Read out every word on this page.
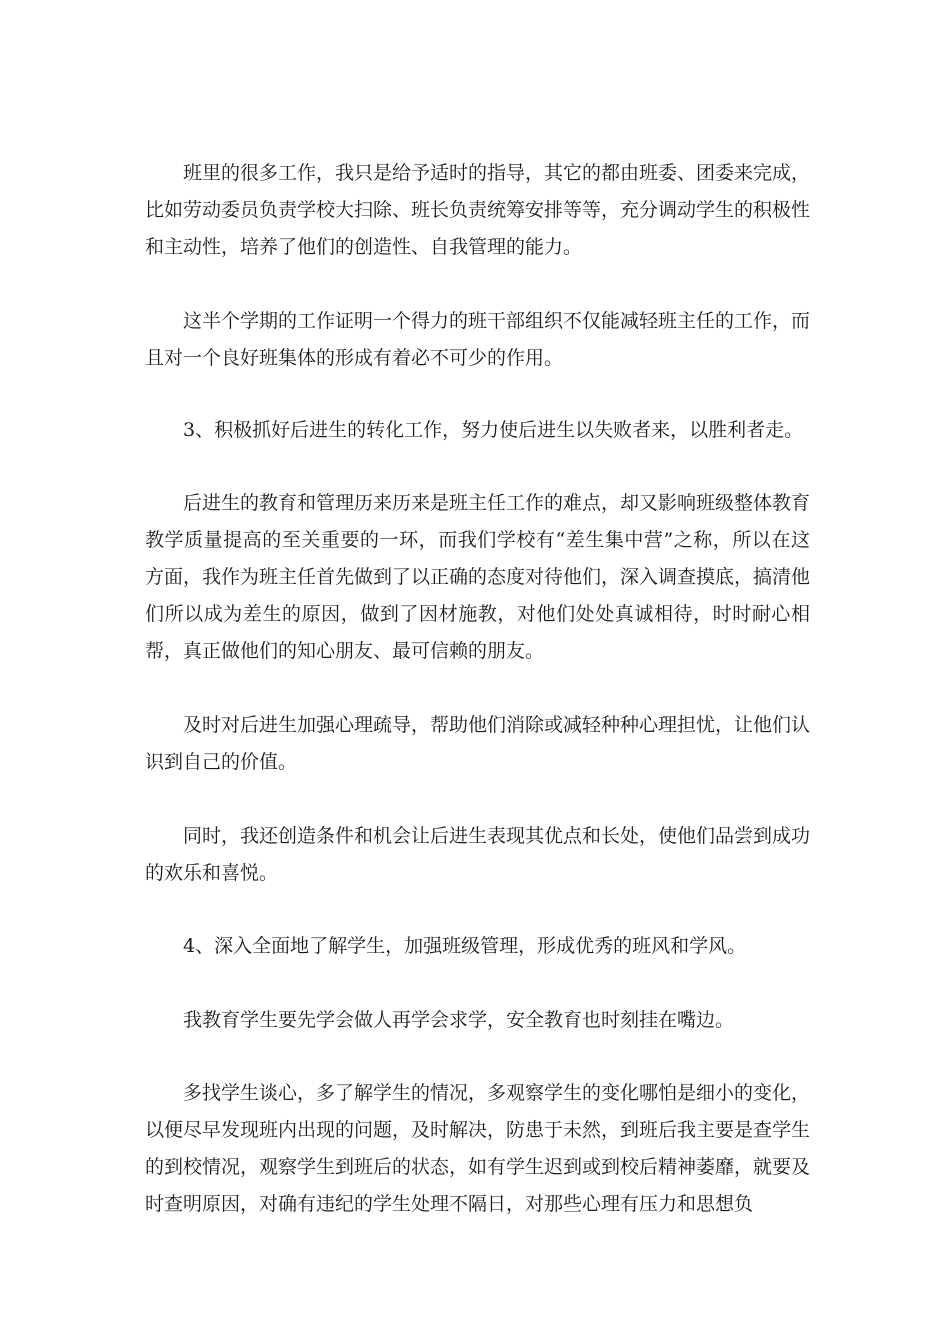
班里的很多工作，我只是给予适时的指导，其它的都由班委、团委来完成，比如劳动委员负责学校大扫除、班长负责统筹安排等等，充分调动学生的积极性和主动性，培养了他们的创造性、自我管理的能力。

这半个学期的工作证明一个得力的班干部组织不仅能减轻班主任的工作，而且对一个良好班集体的形成有着必不可少的作用。

3、积极抓好后进生的转化工作，努力使后进生以失败者来，以胜利者走。

后进生的教育和管理历来历来是班主任工作的难点，却又影响班级整体教育教学质量提高的至关重要的一环，而我们学校有“差生集中营”之称，所以在这方面，我作为班主任首先做到了以正确的态度对待他们，深入调查摸底，搞清他们所以成为差生的原因，做到了因材施教，对他们处处真诚相待，时时耐心相帮，真正做他们的知心朋友、最可信赖的朋友。

及时对后进生加强心理疏导，帮助他们消除或减轻种种心理担忧，让他们认识到自己的价值。

同时，我还创造条件和机会让后进生表现其优点和长处，使他们品尝到成功的欢乐和喜悦。

4、深入全面地了解学生，加强班级管理，形成优秀的班风和学风。

我教育学生要先学会做人再学会求学，安全教育也时刻挂在嘴边。

多找学生谈心，多了解学生的情况，多观察学生的变化哪怕是细小的变化，以便尽早发现班内出现的问题，及时解决，防患于未然，到班后我主要是查学生的到校情况，观察学生到班后的状态，如有学生迟到或到校后精神萎靡，就要及时查明原因，对确有违纪的学生处理不隔日，对那些心理有压力和思想负
